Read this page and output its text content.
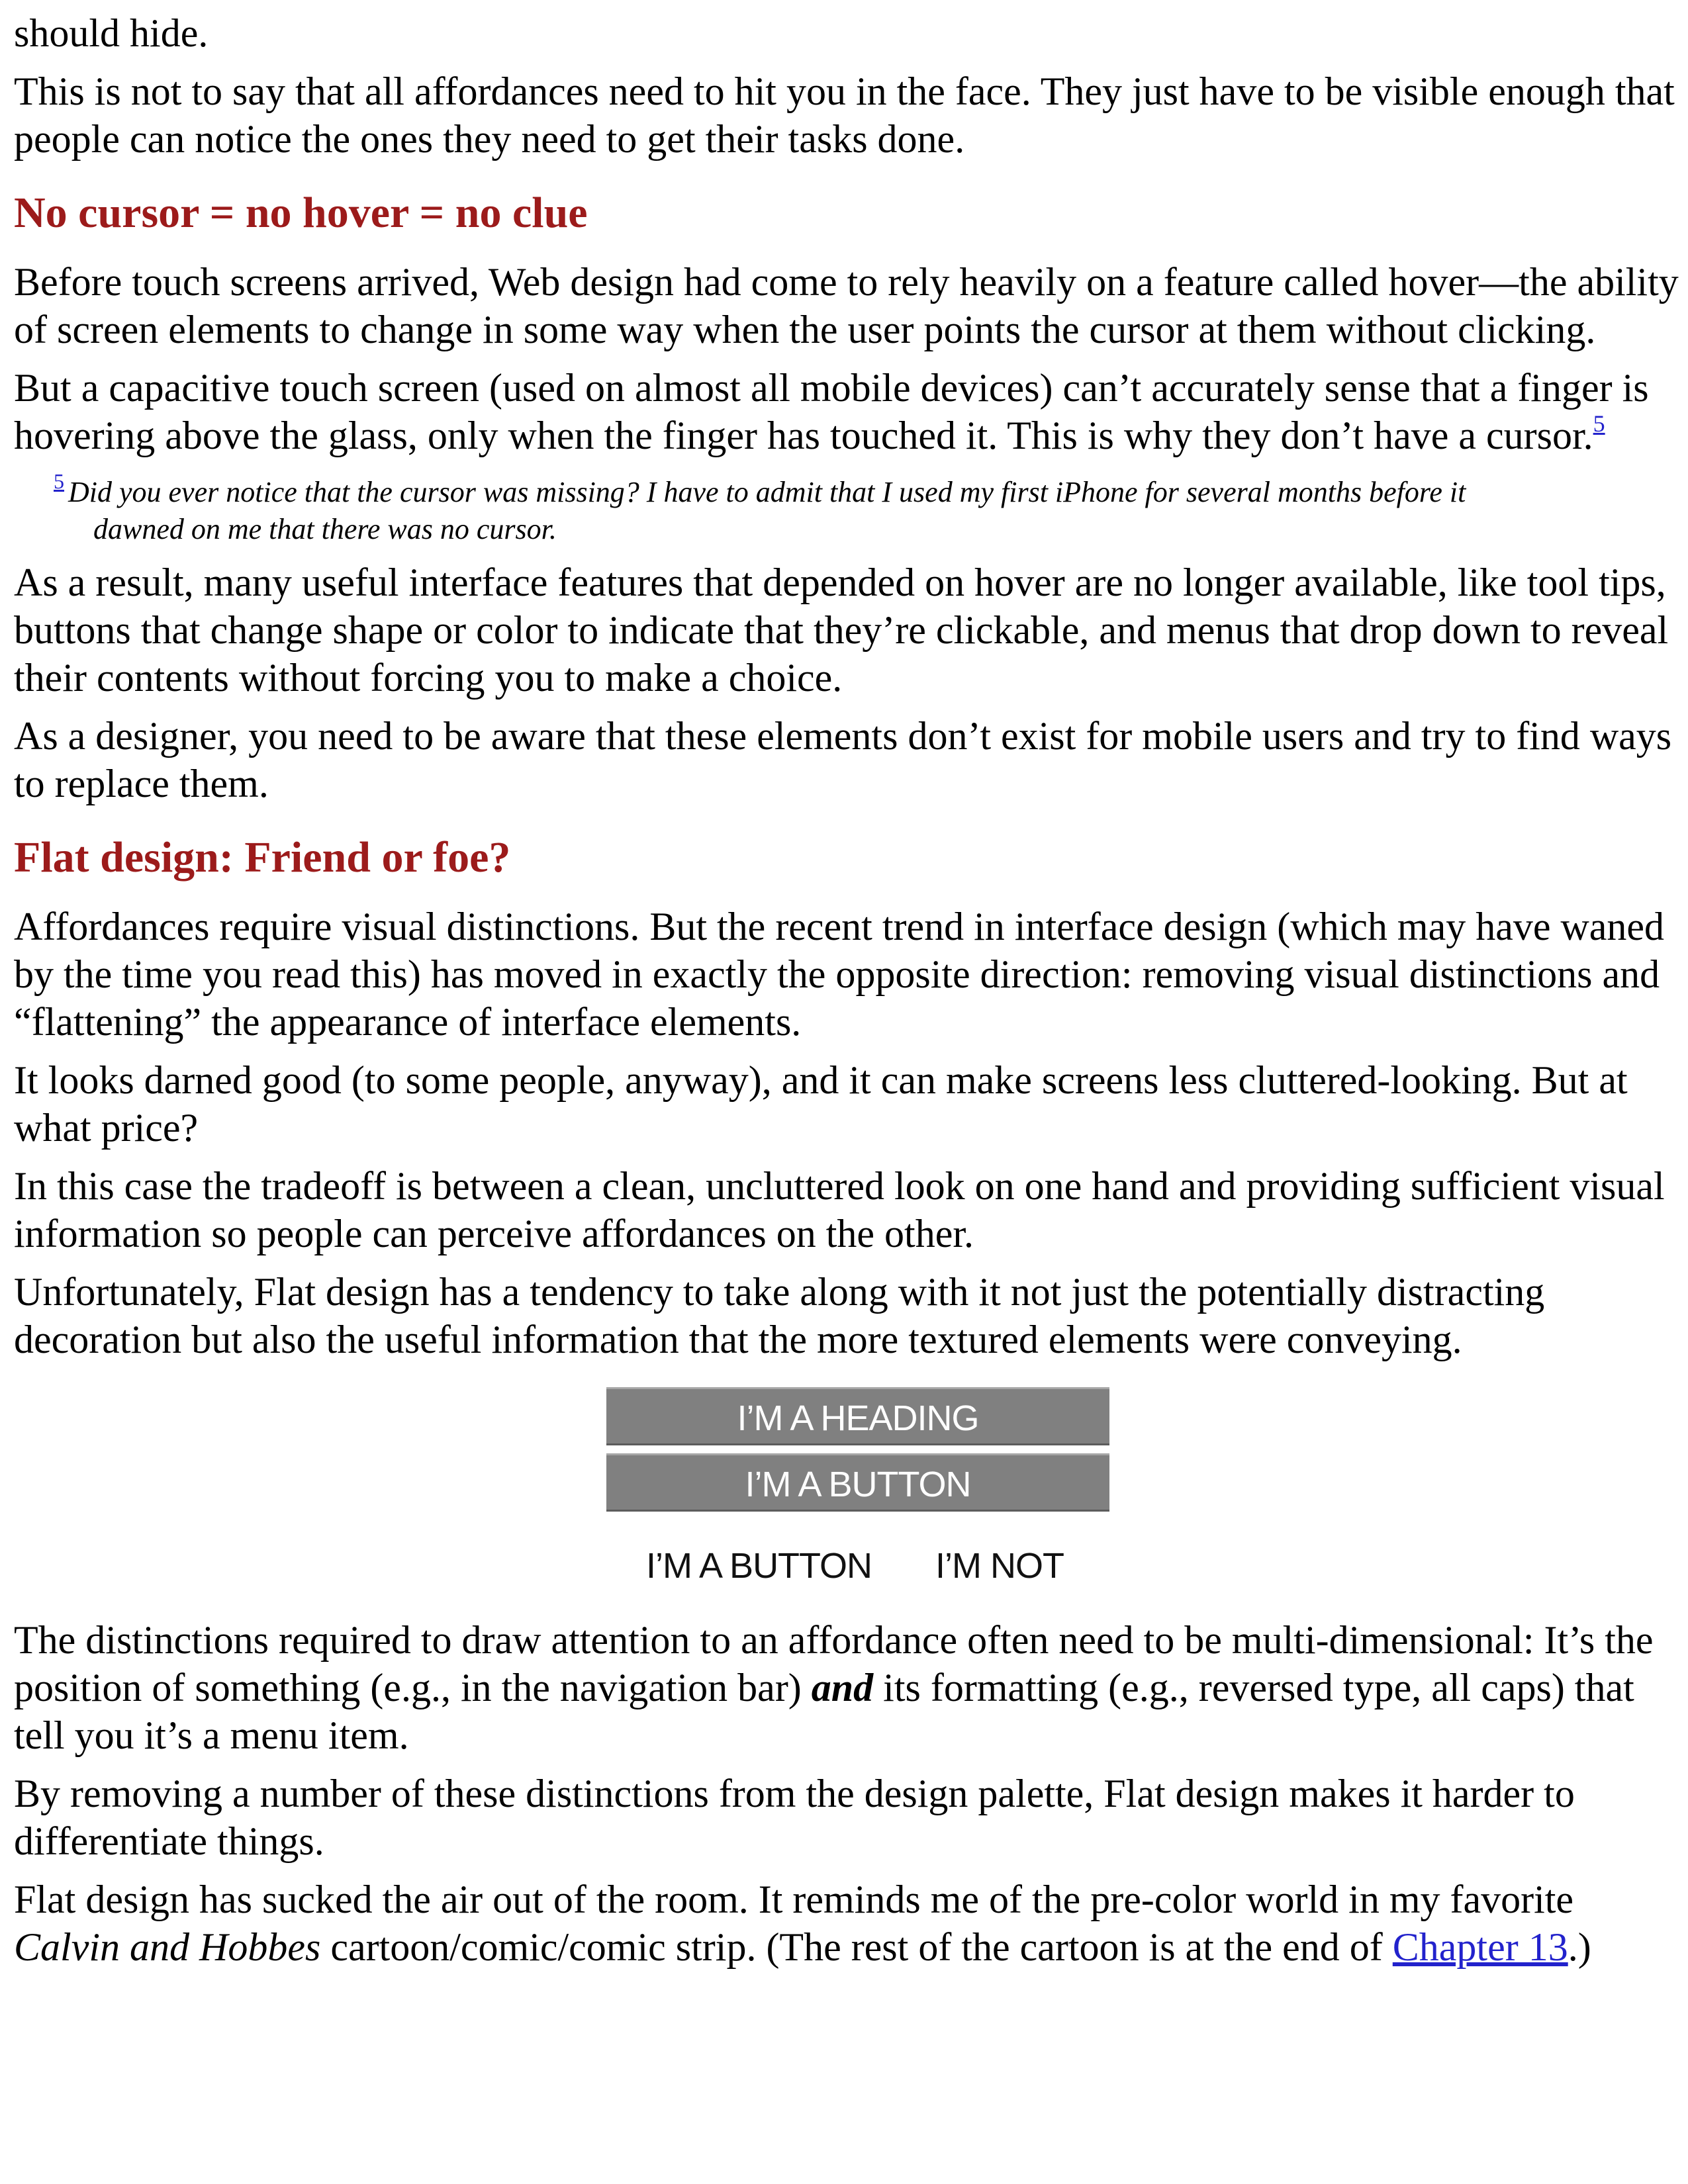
should hide.

This is not to say that all affordances need to hit you in the face. They just have to be visible enough that people can notice the ones they need to get their tasks done.

No cursor = no hover = no clue

Before touch screens arrived, Web design had come to rely heavily on a feature called hover—the ability of screen elements to change in some way when the user points the cursor at them without clicking.

But a capacitive touch screen (used on almost all mobile devices) can’t accurately sense that a finger is hovering above the glass, only when the finger has touched it. This is why they don’t have a cursor.$^5$

$^5$ Did you ever notice that the cursor was missing? I have to admit that I used my first iPhone for several months before it
dawned on me that there was no cursor.

As a result, many useful interface features that depended on hover are no longer available, like tool tips, buttons that change shape or color to indicate that they’re clickable, and menus that drop down to reveal their contents without forcing you to make a choice.

As a designer, you need to be aware that these elements don’t exist for mobile users and try to find ways to replace them.

Flat design: Friend or foe?

Affordances require visual distinctions. But the recent trend in interface design (which may have waned by the time you read this) has moved in exactly the opposite direction: removing visual distinctions and “flattening” the appearance of interface elements.

It looks darned good (to some people, anyway), and it can make screens less cluttered-looking. But at what price?

In this case the tradeoff is between a clean, uncluttered look on one hand and providing sufficient visual information so people can perceive affordances on the other.

Unfortunately, Flat design has a tendency to take along with it not just the potentially distracting decoration but also the useful information that the more textured elements were conveying.

I’M A HEADING
I’M A BUTTON
I’M A BUTTON I’M NOT

The distinctions required to draw attention to an affordance often need to be multi-dimensional: It’s the position of something (e.g., in the navigation bar) and its formatting (e.g., reversed type, all caps) that tell you it’s a menu item.

By removing a number of these distinctions from the design palette, Flat design makes it harder to differentiate things.

Flat design has sucked the air out of the room. It reminds me of the pre-color world in my favorite Calvin and Hobbes cartoon/comic/comic strip. (The rest of the cartoon is at the end of Chapter 13.)
